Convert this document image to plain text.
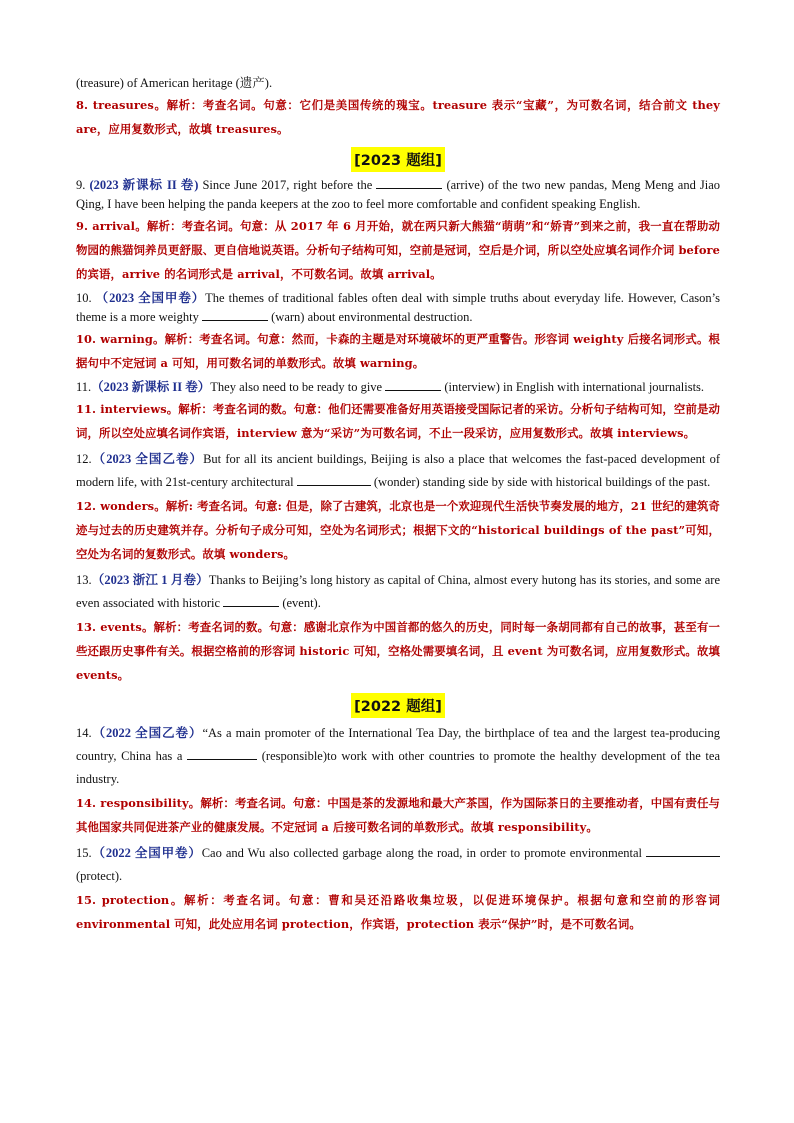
(treasure) of American heritage (遗产).

8. treasures。解析：考查名词。句意：它们是美国传统的瑰宝。treasure 表示“宝藏”，为可数名词，结合前文 they are，应用复数形式，故填 treasures。

[2023 题组]

9. (2023 新课标 II 卷) Since June 2017, right before the	(arrive) of the two new pandas, Meng Meng and Jiao Qing, I have been helping the panda keepers at the zoo to feel more comfortable and confident speaking English.

9. arrival。解析：考查名词。句意：从 2017 年 6 月开始，就在两只新大熊猫“萌萌”和“娇青”到来之前，我一直在帮助动物园的熊猫饲养员更舒服、更自信地说英语。分析句子结构可知，空前是冠词，空后是介词，所以空处应填名词作介词 before 的宾语，arrive 的名词形式是 arrival，不可数名词。故填 arrival。

10. （2023 全国甲卷）The themes of traditional fables often deal with simple truths about everyday life. However, Cason’s theme is a more weighty	(warn) about environmental destruction.

10. warning。解析：考查名词。句意：然而，卡森的主题是对环境破坏的更严重警告。形容词 weighty 后接名词形式。根据句中不定冠词 a 可知，用可数名词的单数形式。故填 warning。

11.（2023 新课标 II 卷）They also need to be ready to give	(interview) in English with international journalists.

11. interviews。解析：考查名词的数。句意：他们还需要准备好用英语接受国际记者的采访。分析句子结构可知，空前是动词，所以空处应填名词作宾语，interview 意为“采访”为可数名词，不止一段采访，应用复数形式。故填 interviews。

12.（2023 全国乙卷）But for all its ancient buildings, Beijing is also a place that welcomes the fast-paced development of modern life, with 21st-century architectural	(wonder) standing side by side with historical buildings of the past.

12. wonders。解析: 考查名词。句意: 但是，除了古建筑，北京也是一个欢迎现代生活快节奏发展的地方，21 世纪的建筑奇迹与过去的历史建筑并存。分析句子成分可知，空处为名词形式；根据下文的“historical buildings of the past”可知，空处为名词的复数形式。故填 wonders。

13.（2023 浙江 1 月卷）Thanks to Beijing’s long history as capital of China, almost every hutong has its stories, and some are even associated with historic	(event).

13. events。解析：考查名词的数。句意：感谢北京作为中国首都的悠久的历史，同时每一条胡同都有自己的故事，甚至有一些还跟历史事件有关。根据空格前的形容词 historic 可知，空格处需要填名词，且 event 为可数名词，应用复数形式。故填 events。

[2022 题组]

14.（2022 全国乙卷）“As a main promoter of the International Tea Day, the birthplace of tea and the largest tea-producing country, China has a	(responsible)to work with other countries to promote the healthy development of the tea industry.

14. responsibility。解析：考查名词。句意：中国是茶的发源地和最大产茶国，作为国际茶日的主要推动者，中国有责任与其他国家共同促进茶产业的健康发展。不定冠词 a 后接可数名词的单数形式。故填 responsibility。

15.（2022 全国甲卷）Cao and Wu also collected garbage along the road, in order to promote environmental  (protect).

15. protection。解析：考查名词。句意：曹和吴还沿路收集垃圾，以促进环境保护。根据句意和空前的形容词 environmental 可知，此处应用名词 protection，作宾语，protection 表示“保护”时，是不可数名词。
